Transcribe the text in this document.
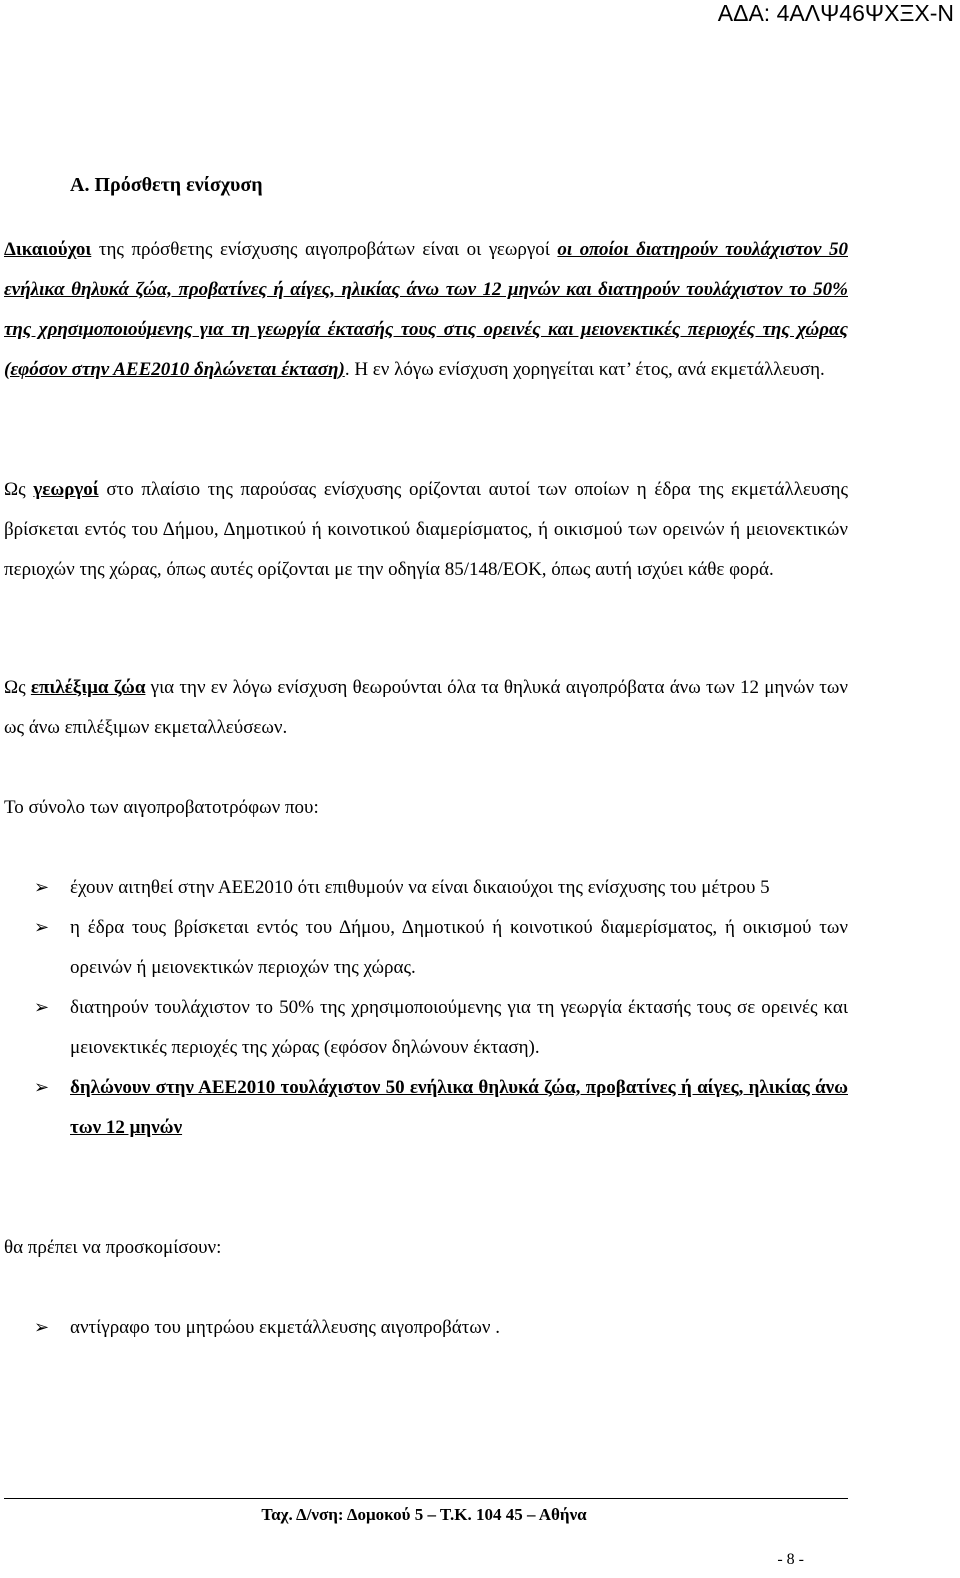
ΑΔΑ: 4ΑΛΨ46ΨΧΞΧ-Ν
Α. Πρόσθετη ενίσχυση

Δικαιούχοι της πρόσθετης ενίσχυσης αιγοπροβάτων είναι οι γεωργοί οι οποίοι διατηρούν τουλάχιστον 50 ενήλικα θηλυκά ζώα, προβατίνες ή αίγες, ηλικίας άνω των 12 μηνών και διατηρούν τουλάχιστον το 50% της χρησιμοποιούμενης για τη γεωργία έκτασής τους στις ορεινές και μειονεκτικές περιοχές της χώρας (εφόσον στην ΑΕΕ2010 δηλώνεται έκταση). Η εν λόγω ενίσχυση χορηγείται κατ’ έτος, ανά εκμετάλλευση.

Ως γεωργοί στο πλαίσιο της παρούσας ενίσχυσης ορίζονται αυτοί των οποίων η έδρα της εκμετάλλευσης βρίσκεται εντός του Δήμου, Δημοτικού ή κοινοτικού διαμερίσματος, ή οικισμού των ορεινών ή μειονεκτικών περιοχών της χώρας, όπως αυτές ορίζονται με την οδηγία 85/148/ΕΟΚ, όπως αυτή ισχύει κάθε φορά.

Ως επιλέξιμα ζώα για την εν λόγω ενίσχυση θεωρούνται όλα τα θηλυκά αιγοπρόβατα άνω των 12 μηνών των ως άνω επιλέξιμων εκμεταλλεύσεων.

Το σύνολο των αιγοπροβατοτρόφων που:

➢ έχουν αιτηθεί στην ΑΕΕ2010 ότι επιθυμούν να είναι δικαιούχοι της ενίσχυσης του μέτρου 5
➢ η έδρα τους βρίσκεται εντός του Δήμου, Δημοτικού ή κοινοτικού διαμερίσματος, ή οικισμού των ορεινών ή μειονεκτικών περιοχών της χώρας.
➢ διατηρούν τουλάχιστον το 50% της χρησιμοποιούμενης για τη γεωργία έκτασής τους σε ορεινές και μειονεκτικές περιοχές της χώρας (εφόσον δηλώνουν έκταση).
➢ δηλώνουν στην ΑΕΕ2010 τουλάχιστον 50 ενήλικα θηλυκά ζώα, προβατίνες ή αίγες, ηλικίας άνω των 12 μηνών

θα πρέπει να προσκομίσουν:

➢ αντίγραφο του μητρώου εκμετάλλευσης αιγοπροβάτων .
Ταχ. Δ/νση: Δομοκού 5 – Τ.Κ. 104 45 – Αθήνα
- 8 -
